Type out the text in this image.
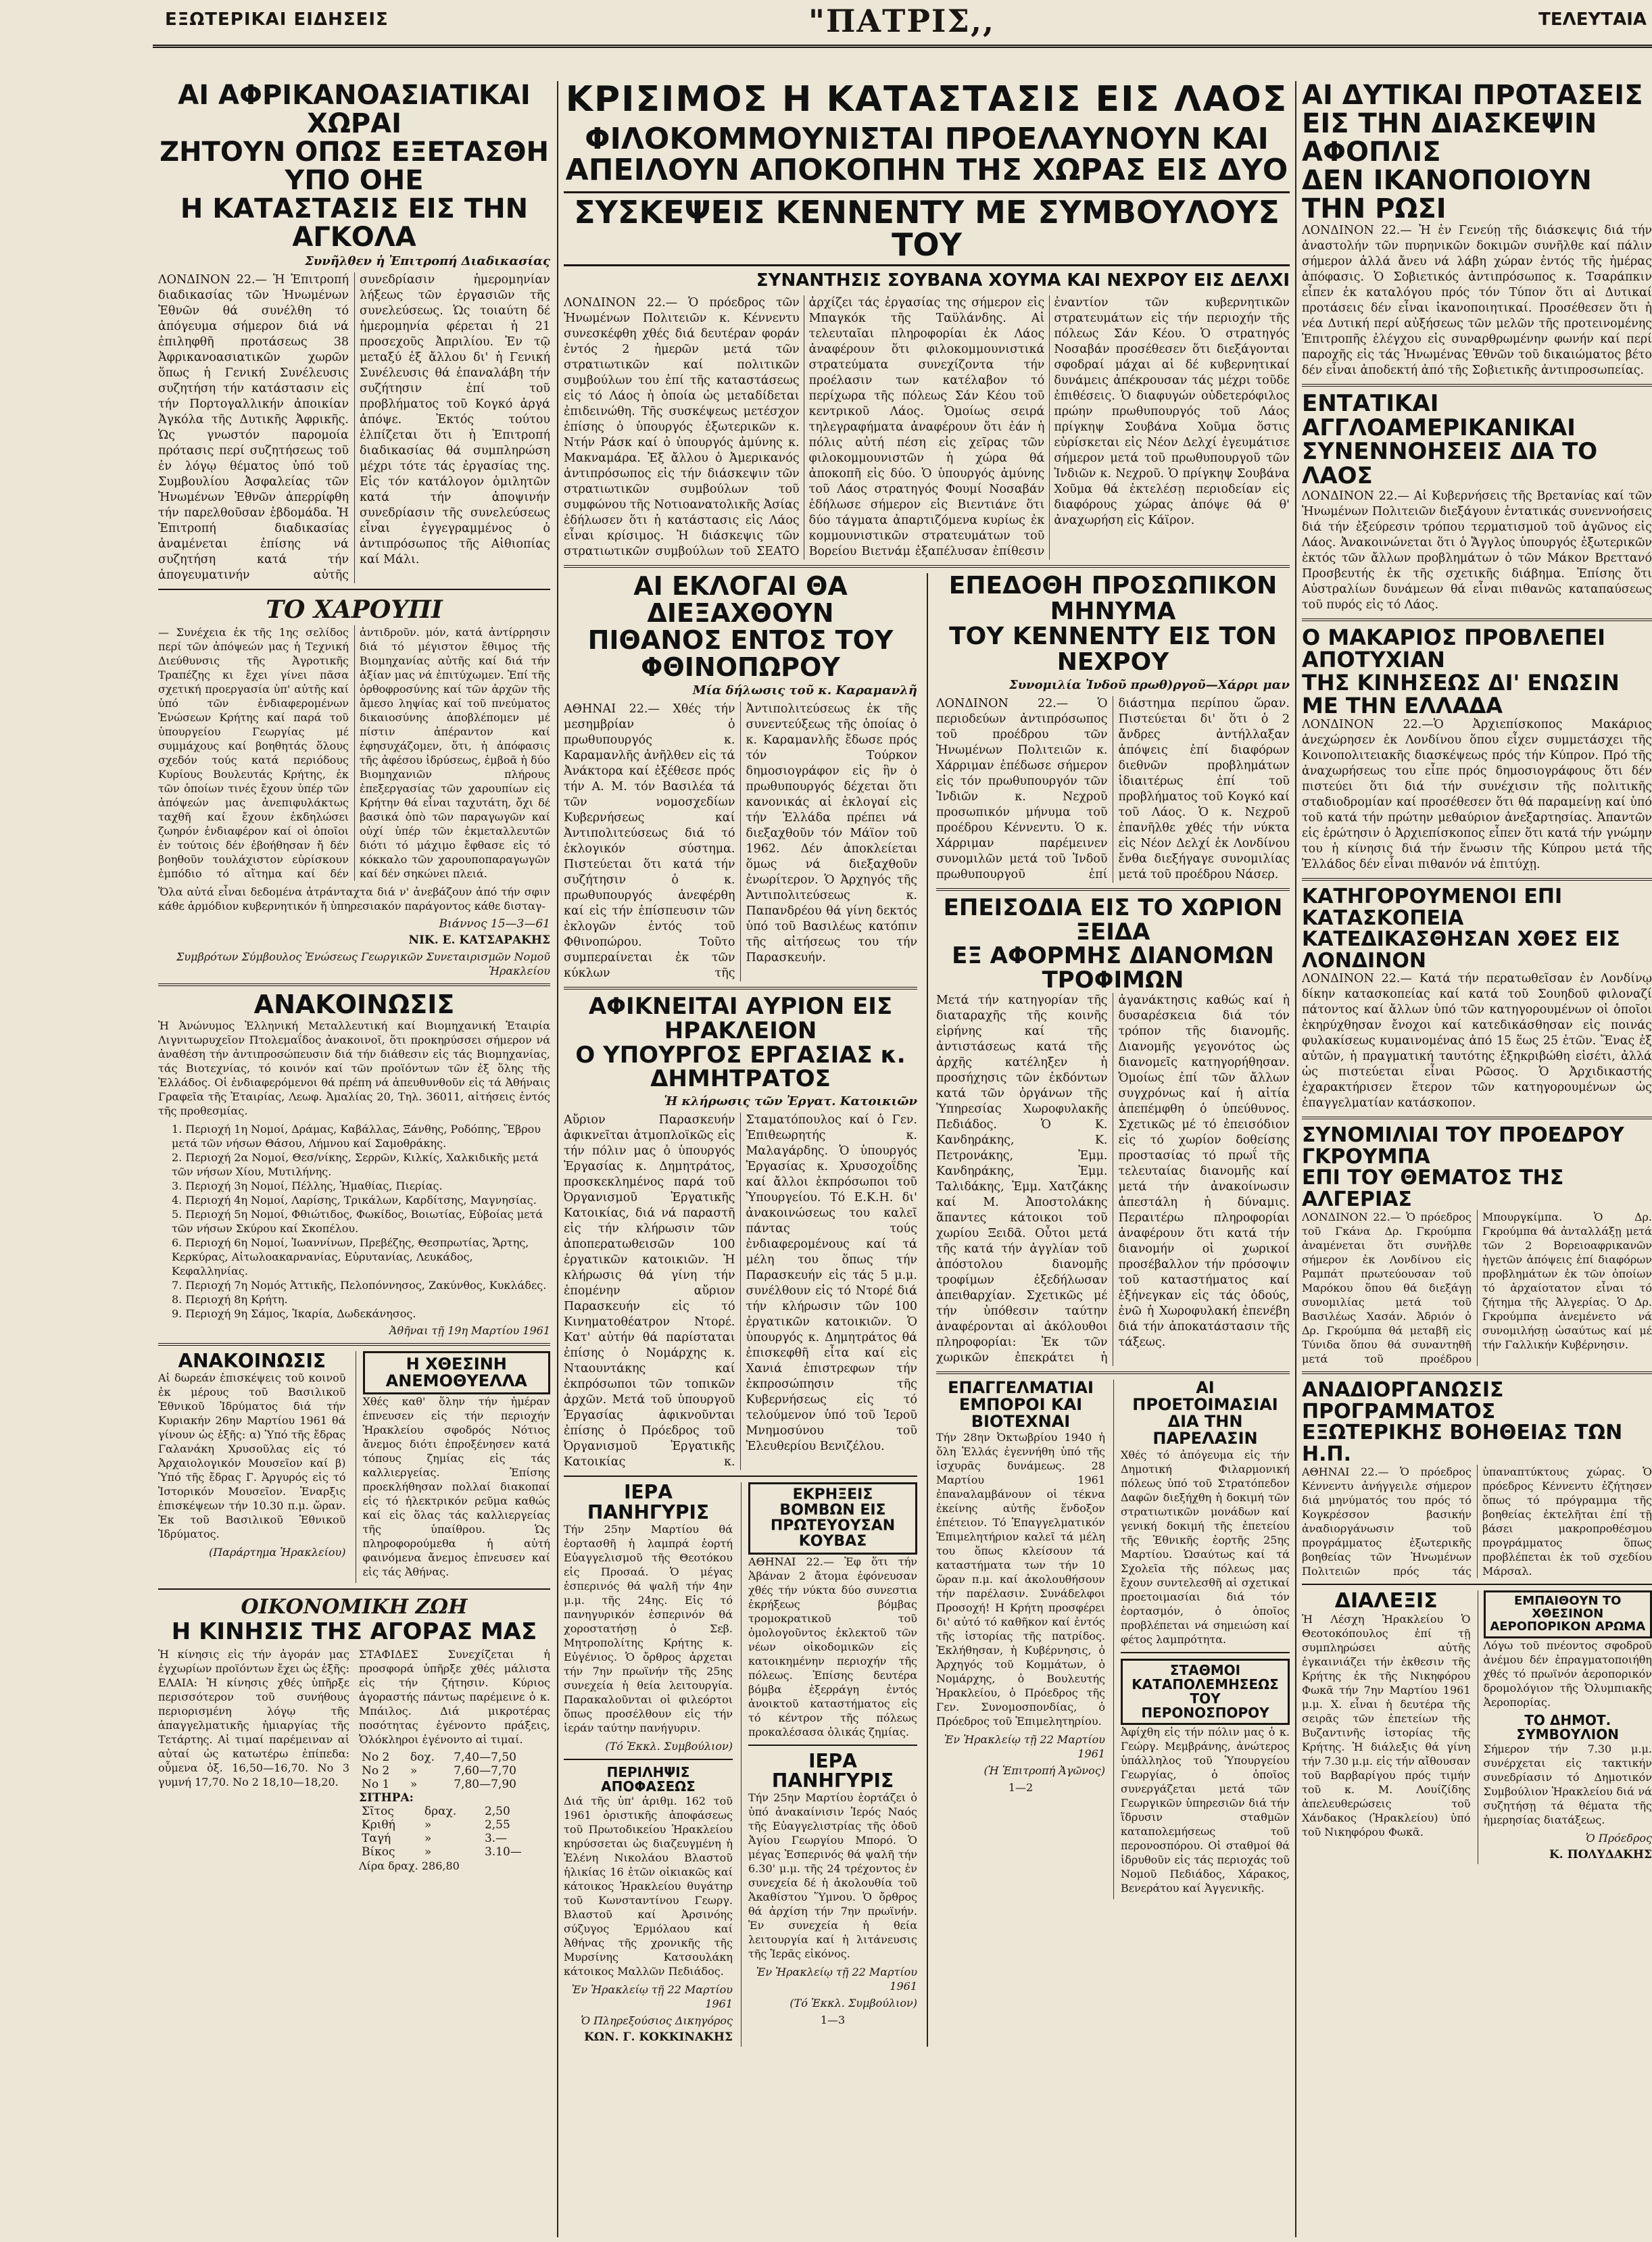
ΕΞΩΤΕΡΙΚΑΙ ΕΙΔΗΣΕΙΣ	"ΠΑΤΡΙΣ,,	ΤΕΛΕΥΤΑΙΑ
ΑΙ ΑΦΡΙΚΑΝΟΑΣΙΑΤΙΚΑΙ ΧΩΡΑΙ
ΖΗΤΟΥΝ ΟΠΩΣ ΕΞΕΤΑΣΘΗ ΥΠΟ ΟΗΕ
Η ΚΑΤΑΣΤΑΣΙΣ ΕΙΣ ΤΗΝ ΑΓΚΟΛΑ
Συνῆλθεν ἡ Ἐπιτροπή Διαδικασίας

ΛΟΝΔΙΝΟΝ 22.— Ἡ Ἐπιτροπή διαδικασίας τῶν Ἡνωμένων Ἐθνῶν θά συνέλθη τό ἀπόγευμα σήμερον διά νά ἐπιληφθῆ προτάσεως 38 Ἀφρικανοασιατικῶν χωρῶν ὅπως ἡ Γενική Συνέλευσις συζητήση τήν κατάστασιν εἰς τήν Πορτογαλλικήν ἀποικίαν Ἀγκόλα τῆς Δυτικῆς Ἀφρικῆς. Ὡς γνωστόν παρομοία πρότασις περί συζητήσεως τοῦ ἐν λόγῳ θέματος ὑπό τοῦ Συμβουλίου Ἀσφαλείας τῶν Ἡνωμένων Ἐθνῶν ἀπερρίφθη τήν παρελθοῦσαν ἑβδομάδα. Ἡ Ἐπιτροπή διαδικασίας ἀναμένεται ἐπίσης νά συζητήση κατά τήν ἀπογευματινήν αὐτῆς συνεδρίασιν ἡμερομηνίαν λήξεως τῶν ἐργασιῶν τῆς συνελεύσεως. Ὡς τοιαύτη δέ ἡμερομηνία φέρεται ἡ 21 προσεχοῦς Ἀπριλίου. Ἐν τῷ μεταξύ ἐξ ἄλλου δι' ἡ Γενική Συνέλευσις θά ἐπαναλάβη τήν συζήτησιν ἐπί τοῦ προβλήματος τοῦ Κογκό ἀργά ἀπόψε. Ἐκτός τούτου ἐλπίζεται ὅτι ἡ Ἐπιτροπή διαδικασίας θά συμπληρώση μέχρι τότε τάς ἐργασίας της. Εἰς τόν κατάλογον ὁμιλητῶν κατά τήν ἀποψινήν συνεδρίασιν τῆς συνελεύσεως εἶναι ἐγγεγραμμένος ὁ ἀντιπρόσωπος τῆς Αἰθιοπίας καί Μάλι.

ΤΟ ΧΑΡΟΥΠΙ

— Συνέχεια ἐκ τῆς 1ης σελίδος περί τῶν ἀπόψεών μας ἡ Τεχνική Διεύθυνσις τῆς Ἀγροτικῆς Τραπέζης κι ἔχει γίνει πᾶσα σχετική προεργασία ὑπ' αὐτῆς καί ὑπό τῶν ἐνδιαφερομένων Ἑνώσεων Κρήτης καί παρά τοῦ ὑπουργείου Γεωργίας μέ συμμάχους καί βοηθητάς ὅλους σχεδόν τούς κατά περιόδους Κυρίους Βουλευτάς Κρήτης, ἐκ τῶν ὁποίων τινές ἔχουν ὑπέρ τῶν ἀπόψεών μας ἀνεπιφυλάκτως ταχθῆ καί ἔχουν ἐκδηλώσει ζωηρόν ἐνδιαφέρον καί οἱ ὁποῖοι ἐν τούτοις δέν ἐβοήθησαν ἤ δέν βοηθοῦν τουλάχιστον εὑρίσκουν ἐμπόδιο τό αἴτημα καί δέν ἀντιδροῦν. μόν, κατά ἀντίρρησιν διά τό μέγιστον ἔθιμος τῆς Βιομηχανίας αὐτῆς καί διά τήν ἀξίαν μας νά ἐπιτύχωμεν. Ἐπί τῆς ὀρθοφροσύνης καί τῶν ἀρχῶν τῆς ἄμεσο ληψίας καί τοῦ πνεύματος δικαιοσύνης ἀποβλέπομεν μέ πίστιν ἀπέραντον καί ἐφησυχάζομεν, ὅτι, ἡ ἀπόφασις τῆς ἀφέσου ἱδρύσεως, ἐμβοᾶ ἡ δύο Βιομηχανιῶν πλήρους ἐπεξεργασίας τῶν χαρουπίων εἰς Κρήτην θά εἶναι ταχυτάτη, ὄχι δέ βασικά ὁπὸ τῶν παραγωγῶν καί οὐχί ὑπέρ τῶν ἐκμεταλλευτῶν διότι τό μάχιμο ἔφθασε εἰς τό κόκκαλο τῶν χαρουποπαραγωγῶν καί δέν σηκώνει πλειά.

Ὅλα αὐτά εἶναι δεδομένα ἀτράνταχτα διά ν' ἀνεβάζουν ἀπό τήν σφιν κάθε ἁρμόδιον κυβερνητικόν ἤ ὑπηρεσιακόν παράγοντος κάθε δισταγ-

Βιάννος 15—3—61
ΝΙΚ. Ε. ΚΑΤΣΑΡΑΚΗΣ
Συμβρότων Σύμβουλος Ἑνώσεως Γεωργικῶν Συνεταιρισμῶν Νομοῦ Ἡρακλείου
ΑΝΑΚΟΙΝΩΣΙΣ

Ἡ Ἀνώνυμος Ἑλληνική Μεταλλευτική καί Βιομηχανική Ἑταιρία Λιγνιτωρυχεῖον Πτολεμαΐδος ἀνακοινοῖ, ὅτι προκηρύσσει σήμερον νά ἀναθέση τήν ἀντιπροσώπευσιν διά τήν διάθεσιν εἰς τάς Βιομηχανίας, τάς Βιοτεχνίας, τό κοινόν καί τῶν προϊόντων τῶν ἐξ ὅλης τῆς Ἑλλάδος. Οἱ ἐνδιαφερόμενοι θά πρέπη νά ἀπευθυνθοῦν εἰς τά Ἀθήναις Γραφεῖα τῆς Ἑταιρίας, Λεωφ. Ἀμαλίας 20, Τηλ. 36011, αἰτήσεις ἐντός τῆς προθεσμίας.

1. Περιοχή 1η Νομοί, Δράμας, Καβάλλας, Ξάνθης, Ροδόπης, Ἕβρου μετά τῶν νήσων Θάσου, Λήμνου καί Σαμοθράκης.
2. Περιοχή 2α Νομοί, Θεσ/νίκης, Σερρῶν, Κιλκίς, Χαλκιδικῆς μετά τῶν νήσων Χίου, Μυτιλήνης.
3. Περιοχή 3η Νομοί, Πέλλης, Ἠμαθίας, Πιερίας.
4. Περιοχή 4η Νομοί, Λαρίσης, Τρικάλων, Καρδίτσης, Μαγνησίας.
5. Περιοχή 5η Νομοί, Φθιώτιδος, Φωκίδος, Βοιωτίας, Εὐβοίας μετά τῶν νήσων Σκύρου καί Σκοπέλου.
6. Περιοχή 6η Νομοί, Ἰωαννίνων, Πρεβέζης, Θεσπρωτίας, Ἄρτης, Κερκύρας, Αἰτωλοακαρνανίας, Εὐρυτανίας, Λευκάδος, Κεφαλληνίας.
7. Περιοχή 7η Νομός Ἀττικῆς, Πελοπόννησος, Ζακύνθος, Κυκλάδες.
8. Περιοχή 8η Κρήτη.
9. Περιοχή 9η Σάμος, Ἰκαρία, Δωδεκάνησος.
Ἀθῆναι τῇ 19η Μαρτίου 1961
ΑΝΑΚΟΙΝΩΣΙΣ

Αἱ δωρεάν ἐπισκέψεις τοῦ κοινοῦ ἐκ μέρους τοῦ Βασιλικοῦ Ἐθνικοῦ Ἱδρύματος διά τήν Κυριακήν 26ην Μαρτίου 1961 θά γίνουν ὡς ἑξῆς: α) Ὑπό τῆς ἔδρας Γαλανάκη Χρυσοῦλας εἰς τό Ἀρχαιολογικόν Μουσεῖον καί β) Ὑπό τῆς ἔδρας Γ. Ἀργυρός εἰς τό Ἱστορικόν Μουσεῖον. Ἐναρξις ἐπισκέψεων τήν 10.30 π.μ. ὥραν. Ἐκ τοῦ Βασιλικοῦ Ἐθνικοῦ Ἱδρύματος.

(Παράρτημα Ἡρακλείου)
Η ΧΘΕΣΙΝΗ ΑΝΕΜΟΘΥΕΛΛΑ

Χθές καθ' ὅλην τήν ἡμέραν ἐπνευσεν εἰς τήν περιοχήν Ἡρακλείου σφοδρός Νότιος ἄνεμος διότι ἐπροξένησεν κατά τόπους ζημίας εἰς τάς καλλιεργείας. Ἐπίσης προεκλήθησαν πολλαί διακοπαί εἰς τό ἠλεκτρικόν ρεῦμα καθώς καί εἰς ὅλας τάς καλλιεργείας τῆς ὑπαίθρου. Ὡς πληροφορούμεθα ἡ αὐτή φαινόμενα ἄνεμος ἐπνευσεν καί εἰς τάς Ἀθήνας.

ΟΙΚΟΝΟΜΙΚΗ ΖΩΗ
Η ΚΙΝΗΣΙΣ ΤΗΣ ΑΓΟΡΑΣ ΜΑΣ

Ἡ κίνησις εἰς τήν ἀγοράν μας ἐγχωρίων προϊόντων ἔχει ὡς ἑξῆς: ΕΛΑΙΑ: Ἡ κίνησις χθές ὑπῆρξε περισσότερον τοῦ συνήθους περιορισμένη λόγῳ τῆς ἀπαγγελματικῆς ἡμιαργίας τῆς Τετάρτης. Αἱ τιμαί παρέμειναν αἱ αὐταί ὡς κατωτέρω ἐπίπεδα: οὖμενα ὀξ. 16,50—16,70. Νο 3 γυμνή 17,70. Νο 2 18,10—18,20.

ΣΤΑΦΙΔΕΣ Συνεχίζεται ἡ προσφορά ὑπῆρξε χθές μάλιστα εἰς τήν ζήτησιν. Κύριος ἀγοραστής πάντως παρέμεινε ὁ κ. Μπάιλος. Διά μικροτέρας ποσότητας ἐγένοντο πράξεις, Ὁλόκληροι ἐγένοντο αἱ τιμαί.

Νο 2	δοχ.	7,40—7,50
Νο 2	»	7,60—7,70
Νο 1	»	7,80—7,90
ΣΙΤΗΡΑ:
Σῖτος	δραχ.	2,50
Κριθή	»	2,55
Ταγή	»	3.—
Βίκος	»	3.10—
Λίρα δραχ. 286,80
ΚΡΙΣΙΜΟΣ Η ΚΑΤΑΣΤΑΣΙΣ ΕΙΣ ΛΑΟΣ
ΦΙΛΟΚΟΜΜΟΥΝΙΣΤΑΙ ΠΡΟΕΛΑΥΝΟΥΝ ΚΑΙ
ΑΠΕΙΛΟΥΝ ΑΠΟΚΟΠΗΝ ΤΗΣ ΧΩΡΑΣ ΕΙΣ ΔΥΟ
ΣΥΣΚΕΨΕΙΣ ΚΕΝΝΕΝΤΥ ΜΕ ΣΥΜΒΟΥΛΟΥΣ ΤΟΥ
ΣΥΝΑΝΤΗΣΙΣ ΣΟΥΒΑΝΑ ΧΟΥΜΑ ΚΑΙ ΝΕΧΡΟΥ ΕΙΣ ΔΕΛΧΙ

ΛΟΝΔΙΝΟΝ 22.— Ὁ πρόεδρος τῶν Ἡνωμένων Πολιτειῶν κ. Κέννεντυ συνεσκέφθη χθές διά δευτέραν φοράν ἐντός 2 ἡμερῶν μετά τῶν στρατιωτικῶν καί πολιτικῶν συμβούλων του ἐπί τῆς καταστάσεως εἰς τό Λάος ἡ ὁποία ὡς μεταδίδεται ἐπιδεινώθη. Τῆς συσκέψεως μετέσχον ἐπίσης ὁ ὑπουργός ἐξωτερικῶν κ. Ντήν Ράσκ καί ὁ ὑπουργός ἀμύνης κ. Μακναμάρα. Ἐξ ἄλλου ὁ Ἀμερικανός ἀντιπρόσωπος εἰς τήν διάσκεψιν τῶν στρατιωτικῶν συμβούλων τοῦ συμφώνου τῆς Νοτιοανατολικῆς Ἀσίας ἐδήλωσεν ὅτι ἡ κατάστασις εἰς Λάος εἶναι κρίσιμος. Ἡ διάσκεψις τῶν στρατιωτικῶν συμβούλων τοῦ ΣΕΑΤΟ ἀρχίζει τάς ἐργασίας της σήμερον εἰς Μπαγκόκ τῆς Ταϋλάνδης. Αἱ τελευταῖαι πληροφορίαι ἐκ Λάος ἀναφέρουν ὅτι φιλοκομμουνιστικά στρατεύματα συνεχίζοντα τήν προέλασιν των κατέλαβον τό περίχωρα τῆς πόλεως Σάν Κέου τοῦ κεντρικοῦ Λάος. Ὁμοίως σειρά τηλεγραφήματα ἀναφέρουν ὅτι ἐάν ἡ πόλις αὐτή πέση εἰς χεῖρας τῶν φιλοκομμουνιστῶν ἡ χώρα θά ἀποκοπῆ εἰς δύο. Ὁ ὑπουργός ἀμύνης τοῦ Λάος στρατηγός Φουμί Νοσαβάν ἐδήλωσε σήμερον εἰς Βιεντιάνε ὅτι δύο τάγματα ἀπαρτιζόμενα κυρίως ἐκ κομμουνιστικῶν στρατευμάτων τοῦ Βορείου Βιετνάμ ἐξαπέλυσαν ἐπίθεσιν ἐναντίον τῶν κυβερνητικῶν στρατευμάτων εἰς τήν περιοχήν τῆς πόλεως Σάν Κέου. Ὁ στρατηγός Νοσαβάν προσέθεσεν ὅτι διεξάγονται σφοδραί μάχαι αἱ δέ κυβερνητικαί δυνάμεις ἀπέκρουσαν τάς μέχρι τοῦδε ἐπιθέσεις. Ὁ διαφυγών οὐδετερόφιλος πρώην πρωθυπουργός τοῦ Λάος πρίγκηψ Σουβάνα Χοῦμα ὅστις εὑρίσκεται εἰς Νέον Δελχί ἐγευμάτισε σήμερον μετά τοῦ πρωθυπουργοῦ τῶν Ἰνδιῶν κ. Νεχροῦ. Ὁ πρίγκηψ Σουβάνα Χοῦμα θά ἐκτελέσῃ περιοδείαν εἰς διαφόρους χώρας ἀπόψε θά θ' ἀναχωρήση εἰς Κάϊρον.

ΑΙ ΕΚΛΟΓΑΙ ΘΑ ΔΙΕΞΑΧΘΟΥΝ
ΠΙΘΑΝΟΣ ΕΝΤΟΣ ΤΟΥ ΦΘΙΝΟΠΩΡΟΥ
Μία δήλωσις τοῦ κ. Καραμανλῆ

ΑΘΗΝΑΙ 22.— Χθές τήν μεσημβρίαν ὁ πρωθυπουργός κ. Καραμανλῆς ἀνῆλθεν εἰς τά Ἀνάκτορα καί ἐξέθεσε πρός τήν Α. Μ. τόν Βασιλέα τά τῶν νομοσχεδίων Κυβερνήσεως καί Ἀντιπολιτεύσεως διά τό ἐκλογικόν σύστημα. Πιστεύεται ὅτι κατά τήν συζήτησιν ὁ κ. πρωθυπουργός ἀνεφέρθη καί εἰς τήν ἐπίσπευσιν τῶν ἐκλογῶν ἐντός τοῦ Φθινοπώρου. Τοῦτο συμπεραίνεται ἐκ τῶν κύκλων τῆς Ἀντιπολιτεύσεως ἐκ τῆς συνεντεύξεως τῆς ὁποίας ὁ κ. Καραμανλῆς ἔδωσε πρός τόν Τούρκον δημοσιογράφον εἰς ἣν ὁ πρωθυπουργός δέχεται ὅτι κανονικάς αἱ ἐκλογαί εἰς τήν Ἑλλάδα πρέπει νά διεξαχθοῦν τόν Μάϊον τοῦ 1962. Δέν ἀποκλείεται ὅμως νά διεξαχθοῦν ἐνωρίτερον. Ὁ Ἀρχηγός τῆς Ἀντιπολιτεύσεως κ. Παπανδρέου θά γίνη δεκτός ὑπό τοῦ Βασιλέως κατόπιν τῆς αἰτήσεως του τήν Παρασκευήν.

ΑΦΙΚΝΕΙΤΑΙ ΑΥΡΙΟΝ ΕΙΣ ΗΡΑΚΛΕΙΟΝ
Ο ΥΠΟΥΡΓΟΣ ΕΡΓΑΣΙΑΣ κ. ΔΗΜΗΤΡΑΤΟΣ
Ἡ κλήρωσις τῶν Ἐργατ. Κατοικιῶν

Αὔριον Παρασκευήν ἀφικνεῖται ἀτμοπλοϊκῶς εἰς τήν πόλιν μας ὁ ὑπουργός Ἐργασίας κ. Δημητράτος, προσκεκλημένος παρά τοῦ Ὀργανισμοῦ Ἐργατικῆς Κατοικίας, διά νά παραστῆ εἰς τήν κλήρωσιν τῶν ἀποπερατωθεισῶν 100 ἐργατικῶν κατοικιῶν. Ἡ κλήρωσις θά γίνη τήν ἑπομένην αὔριον Παρασκευήν εἰς τό Κινηματοθέατρον Ντορέ. Κατ' αὐτήν θά παρίσταται ἐπίσης ὁ Νομάρχης κ. Νταουντάκης καί ἐκπρόσωποι τῶν τοπικῶν ἀρχῶν. Μετά τοῦ ὑπουργοῦ Ἐργασίας ἀφικνοῦνται ἐπίσης ὁ Πρόεδρος τοῦ Ὀργανισμοῦ Ἐργατικῆς Κατοικίας κ. Σταματόπουλος καί ὁ Γεν. Ἐπιθεωρητής κ. Μαλαγάρδης. Ὁ ὑπουργός Ἐργασίας κ. Χρυσοχοΐδης καί ἄλλοι ἐκπρόσωποι τοῦ Ὑπουργείου. Τό Ε.Κ.Η. δι' ἀνακοινώσεως του καλεῖ πάντας τούς ἐνδιαφερομένους καί τά μέλη του ὅπως τήν Παρασκευήν εἰς τάς 5 μ.μ. συνέλθουν εἰς τό Ντορέ διά τήν κλήρωσιν τῶν 100 ἐργατικῶν κατοικιῶν. Ὁ ὑπουργός κ. Δημητράτος θά ἐπισκεφθῆ εἶτα καί εἰς Χανιά ἐπιστρεφων τήν ἐκπροσώπησιν τῆς Κυβερνήσεως εἰς τό τελούμενον ὑπό τοῦ Ἱεροῦ Μνημοσύνου τοῦ Ἐλευθερίου Βενιζέλου.

ΙΕΡΑ ΠΑΝΗΓΥΡΙΣ

Τήν 25ην Μαρτίου θά ἑορτασθῆ ἡ λαμπρά ἑορτή Εὐαγγελισμοῦ τῆς Θεοτόκου εἰς Προσαά. Ὁ μέγας ἑσπερινός θά ψαλῆ τήν 4ην μ.μ. τῆς 24ης. Εἰς τό πανηγυρικόν ἑσπερινόν θά χοροστατήσῃ ὁ Σεβ. Μητροπολίτης Κρήτης κ. Εὐγένιος. Ὁ ὄρθρος ἀρχεται τήν 7ην πρωϊνήν τῆς 25ης συνεχεία ἡ θεία λειτουργία. Παρακαλοῦνται οἱ φιλεόρτοι ὅπως προσέλθουν εἰς τήν ἱεράν ταύτην πανήγυριν.

(Τό Ἐκκλ. Συμβούλιον)
ΠΕΡΙΛΗΨΙΣ ΑΠΟΦΑΣΕΩΣ

Διά τῆς ὑπ' ἀριθμ. 162 τοῦ 1961 ὁριστικῆς ἀποφάσεως τοῦ Πρωτοδικείου Ἡρακλείου κηρύσσεται ὡς διαζευγμένη ἡ Ἑλένη Νικολάου Βλαστοῦ ἡλικίας 16 ἐτῶν οἰκιακῶς καί κάτοικος Ἡρακλείου θυγάτηρ τοῦ Κωνσταντίνου Γεωργ. Βλαστοῦ καί Ἀρσινόης σύζυγος Ἐρμόλαου καί Ἀθήνας τῆς χρονικῆς τῆς Μυρσίνης Κατσουλάκη κάτοικος Μαλλῶν Πεδιάδος.

Ἐν Ἡρακλείῳ τῇ 22 Μαρτίου 1961
Ὁ Πληρεξούσιος Δικηγόρος
ΚΩΝ. Γ. ΚΟΚΚΙΝΑΚΗΣ
ΕΚΡΗΞΕΙΣ ΒΟΜΒΩΝ ΕΙΣ ΠΡΩΤΕΥΟΥΣΑΝ ΚΟΥΒΑΣ

ΑΘΗΝΑΙ 22.— Ἐφ ὅτι τήν Ἀβάναν 2 ἄτομα ἐφόνευσαν χθές τήν νύκτα δύο συνεστια ἐκρήξεως βόμβας τρομοκρατικοῦ τοῦ ὁμολογοῦντος ἐκλεκτοῦ τῶν νέων οἰκοδομικῶν εἰς κατοικημένην περιοχήν τῆς πόλεως. Ἐπίσης δευτέρα βόμβα ἐξερράγη ἐντός ἀνοικτοῦ καταστήματος εἰς τό κέντρον τῆς πόλεως προκαλέσασα ὁλικάς ζημίας.

ΙΕΡΑ ΠΑΝΗΓΥΡΙΣ

Τήν 25ην Μαρτίου ἑορτάζει ὁ ὑπό ἀνακαίνισιν Ἱερός Ναός τῆς Εὐαγγελιστρίας τῆς ὁδοῦ Ἀγίου Γεωργίου Μπορό. Ὁ μέγας Ἑσπερινός θά ψαλῆ τήν 6.30' μ.μ. τῆς 24 τρέχοντος ἐν συνεχεία δέ ἡ ἀκολουθία τοῦ Ἀκαθίστου Ὕμνου. Ὁ ὄρθρος θά ἀρχίση τήν 7ην πρωϊνήν. Ἐν συνεχεία ἡ θεία λειτουργία καί ἡ λιτάνευσις τῆς Ἱερᾶς εἰκόνος.

Ἐν Ἡρακλείῳ τῇ 22 Μαρτίου 1961
(Τό Ἐκκλ. Συμβούλιον)
1—3
ΕΠΕΔΟΘΗ ΠΡΟΣΩΠΙΚΟΝ ΜΗΝΥΜΑ
ΤΟΥ ΚΕΝΝΕΝΤΥ ΕΙΣ ΤΟΝ ΝΕΧΡΟΥ
Συνομιλία Ἰνδοῦ πρωθ)ργοῦ—Χάρρι μαν

ΛΟΝΔΙΝΟΝ 22.— Ὁ περιοδεύων ἀντιπρόσωπος τοῦ προέδρου τῶν Ἡνωμένων Πολιτειῶν κ. Χάρριμαν ἐπέδωσε σήμερον εἰς τόν πρωθυπουργόν τῶν Ἰνδιῶν κ. Νεχροῦ προσωπικόν μήνυμα τοῦ προέδρου Κέννεντυ. Ὁ κ. Χάρριμαν παρέμεινεν συνομιλῶν μετά τοῦ Ἰνδοῦ πρωθυπουργοῦ ἐπί διάστημα περίπου ὥραν. Πιστεύεται δι' ὅτι ὁ 2 ἄνδρες ἀντήλλαξαν ἀπόψεις ἐπί διαφόρων διεθνῶν προβλημάτων ἰδιαιτέρως ἐπί τοῦ προβλήματος τοῦ Κογκό καί τοῦ Λάος. Ὁ κ. Νεχροῦ ἐπανῆλθε χθές τήν νύκτα εἰς Νέον Δελχί ἐκ Λονδίνου ἔνθα διεξήγαγε συνομιλίας μετά τοῦ προέδρου Νάσερ.

ΕΠΕΙΣΟΔΙΑ ΕΙΣ ΤΟ ΧΩΡΙΟΝ ΞΕΙΔΑ
ΕΞ ΑΦΟΡΜΗΣ ΔΙΑΝΟΜΩΝ ΤΡΟΦΙΜΩΝ

Μετά τήν κατηγορίαν τῆς διαταραχῆς τῆς κοινῆς εἰρήνης καί τῆς ἀντιστάσεως κατά τῆς ἀρχῆς κατέληξεν ἡ προσήχησις τῶν ἐκδόντων κατά τῶν ὀργάνων τῆς Ὑπηρεσίας Χωροφυλακῆς Πεδιάδος. Ὁ Κ. Κανδηράκης, Κ. Πετρονάκης, Ἐμμ. Κανδηράκης, Ἐμμ. Ταλιδάκης, Ἐμμ. Χατζάκης καί Μ. Ἀποστολάκης ἅπαντες κάτοικοι τοῦ χωρίου Ξειδᾶ. Οὗτοι μετά τῆς κατά τήν ἀγγλίαν τοῦ ἀπόστολου διανομῆς τροφίμων ἐξεδήλωσαν ἀπειθαρχίαν. Σχετικῶς μέ τήν ὑπόθεσιν ταύτην ἀναφέρονται αἱ ἀκόλουθοι πληροφορίαι: Ἐκ τῶν χωρικῶν ἐπεκράτει ἡ ἀγανάκτησις καθώς καί ἡ δυσαρέσκεια διά τόν τρόπον τῆς διανομῆς. Διανομῆς γεγονότος ὡς διανομεῖς κατηγορήθησαν. Ὁμοίως ἐπί τῶν ἄλλων συγχρόνως καί ἡ αἰτία ἀπεπέμφθη ὁ ὑπεύθυνος. Σχετικῶς μέ τό ἐπεισόδιον εἰς τό χωρίον δοθείσης προστασίας τό πρωΐ τῆς τελευταίας διανομῆς καί μετά τήν ἀνακοίνωσιν ἀπεστάλη ἡ δύναμις. Περαιτέρω πληροφορίαι ἀναφέρουν ὅτι κατά τήν διανομήν οἱ χωρικοί προσέβαλλον τήν πρόσοψιν τοῦ καταστήματος καί ἐξήνεγκαν εἰς τάς ὁδούς, ἐνῶ ἡ Χωροφυλακή ἐπενέβη διά τήν ἀποκατάστασιν τῆς τάξεως.

ΕΠΑΓΓΕΛΜΑΤΙΑΙ ΕΜΠΟΡΟΙ ΚΑΙ ΒΙΟΤΕΧΝΑΙ

Τήν 28ην Ὀκτωβρίου 1940 ἡ ὅλη Ἑλλάς ἐγεννήθη ὑπό τῆς ἰσχυρᾶς δυνάμεως. 28 Μαρτίου 1961 ἐπαναλαμβάνουν οἱ τέκνα ἐκείνης αὐτῆς ἕνδοξον ἐπέτειον. Τό Ἐπαγγελματικόν Ἐπιμελητήριον καλεῖ τά μέλη του ὅπως κλείσουν τά καταστήματα των τήν 10 ὥραν π.μ. καί ἀκολουθήσουν τήν παρέλασιν. Συνάδελφοι Προσοχή! Η Κρήτη προσφέρει δι' αὐτό τό καθῆκον καί ἐντός τῆς ἱστορίας τῆς πατρίδος. Ἐκλήθησαν, ἡ Κυβέρνησις, ὁ Ἀρχηγός τοῦ Κομμάτων, ὁ Νομάρχης, ὁ Βουλευτής Ἡρακλείου, ὁ Πρόεδρος τῆς Γεν. Συνομοσπονδίας, ὁ Πρόεδρος τοῦ Ἐπιμελητηρίου.

Ἐν Ἡρακλείῳ τῇ 22 Μαρτίου 1961
(Ἡ Ἐπιτροπή Ἀγῶνος)
1—2
ΑΙ ΠΡΟΕΤΟΙΜΑΣΙΑΙ ΔΙΑ ΤΗΝ ΠΑΡΕΛΑΣΙΝ

Χθές τό ἀπόγευμα εἰς τήν Δημοτική Φιλαρμονική πόλεως ὑπό τοῦ Στρατόπεδον Δαφῶν διεξήχθη ἡ δοκιμή τῶν στρατιωτικῶν μονάδων καί γενική δοκιμή τῆς ἐπετείου τῆς Ἐθνικῆς ἑορτῆς 25ης Μαρτίου. Ὡσαύτως καί τά Σχολεῖα τῆς πόλεως μας ἔχουν συντελεσθῆ αἱ σχετικαί προετοιμασίαι διά τόν ἑορτασμόν, ὁ ὁποῖος προβλέπεται νά σημειώση καί φέτος λαμπρότητα.

ΣΤΑΘΜΟΙ ΚΑΤΑΠΟΛΕΜΗΣΕΩΣ ΤΟΥ ΠΕΡΟΝΟΣΠΟΡΟΥ

Ἀφίχθη εἰς τήν πόλιν μας ὁ κ. Γεώργ. Μεμβράνης, ἀνώτερος ὑπάλληλος τοῦ Ὑπουργείου Γεωργίας, ὁ ὁποῖος συνεργάζεται μετά τῶν Γεωργικῶν ὑπηρεσιῶν διά τήν ἵδρυσιν σταθμῶν καταπολεμήσεως τοῦ περονοσπόρου. Οἱ σταθμοί θά ἱδρυθοῦν εἰς τάς περιοχάς τοῦ Νομοῦ Πεδιάδος, Χάρακος, Βενεράτου καί Ἀγγενικῆς.

ΑΙ ΔΥΤΙΚΑΙ ΠΡΟΤΑΣΕΙΣ
ΕΙΣ ΤΗΝ ΔΙΑΣΚΕΨΙΝ ΑΦΟΠΛΙΣ
ΔΕΝ ΙΚΑΝΟΠΟΙΟΥΝ ΤΗΝ ΡΩΣΙ

ΛΟΝΔΙΝΟΝ 22.— Ἡ ἐν Γενεύῃ τῆς διάσκεψις διά τήν ἀναστολήν τῶν πυρηνικῶν δοκιμῶν συνῆλθε καί πάλιν σήμερον ἀλλά ἄνευ νά λάβη χώραν ἐντός τῆς ἡμέρας ἀπόφασις. Ὁ Σοβιετικός ἀντιπρόσωπος κ. Τσαράπκιν εἶπεν ἐκ καταλόγου πρός τόν Τύπον ὅτι αἱ Δυτικαί προτάσεις δέν εἶναι ἱκανοποιητικαί. Προσέθεσεν ὅτι ἡ νέα Δυτική περί αὐξήσεως τῶν μελῶν τῆς προτεινομένης Ἐπιτροπῆς ἐλέγχου εἰς συναρθρωμένην φωνήν καί περί παροχῆς εἰς τάς Ἡνωμένας Ἐθνῶν τοῦ δικαιώματος βέτο δέν εἶναι ἀποδεκτή ἀπό τῆς Σοβιετικῆς ἀντιπροσωπείας.

ΕΝΤΑΤΙΚΑΙ ΑΓΓΛΟΑΜΕΡΙΚΑΝΙΚΑΙ
ΣΥΝΕΝΝΟΗΣΕΙΣ ΔΙΑ ΤΟ ΛΑΟΣ

ΛΟΝΔΙΝΟΝ 22.— Αἱ Κυβερνήσεις τῆς Βρετανίας καί τῶν Ἡνωμένων Πολιτειῶν διεξάγουν ἐντατικάς συνεννοήσεις διά τήν ἐξεύρεσιν τρόπου τερματισμοῦ τοῦ ἀγῶνος εἰς Λάος. Ἀνακοινώνεται ὅτι ὁ Ἄγγλος ὑπουργός ἐξωτερικῶν ἐκτός τῶν ἄλλων προβλημάτων ὁ τῶν Μάκον Βρεττανό Προσβευτής ἐκ τῆς σχετικῆς διάβημα. Ἐπίσης ὅτι Αὐστραλίων δυνάμεων θά εἶναι πιθανῶς καταπαύσεως τοῦ πυρός εἰς τό Λάος.

Ο ΜΑΚΑΡΙΟΣ ΠΡΟΒΛΕΠΕΙ ΑΠΟΤΥΧΙΑΝ
ΤΗΣ ΚΙΝΗΣΕΩΣ ΔΙ' ΕΝΩΣΙΝ ΜΕ ΤΗΝ ΕΛΛΑΔΑ

ΛΟΝΔΙΝΟΝ 22.—Ὁ Ἀρχιεπίσκοπος Μακάριος ἀνεχώρησεν ἐκ Λονδίνου ὅπου εἶχεν συμμετάσχει τῆς Κοινοπολιτειακῆς διασκέψεως πρός τήν Κύπρον. Πρό τῆς ἀναχωρήσεως του εἶπε πρός δημοσιογράφους ὅτι δέν πιστεύει ὅτι διά τήν συνέχισιν τῆς πολιτικῆς σταδιοδρομίαν καί προσέθεσεν ὅτι θά παραμείνῃ καί ὑπό τοῦ κατά τήν πρώτην μεθαύριον ἀνεξαρτησίας. Ἀπαντῶν εἰς ἐρώτησιν ὁ Ἀρχιεπίσκοπος εἶπεν ὅτι κατά τήν γνώμην του ἡ κίνησις διά τήν ἕνωσιν τῆς Κύπρου μετά τῆς Ἑλλάδος δέν εἶναι πιθανόν νά ἐπιτύχῃ.

ΚΑΤΗΓΟΡΟΥΜΕΝΟΙ ΕΠΙ ΚΑΤΑΣΚΟΠΕΙΑ
ΚΑΤΕΔΙΚΑΣΘΗΣΑΝ ΧΘΕΣ ΕΙΣ ΛΟΝΔΙΝΟΝ

ΛΟΝΔΙΝΟΝ 22.— Κατά τήν περατωθεῖσαν ἐν Λονδίνῳ δίκην κατασκοπείας καί κατά τοῦ Σουηδοῦ φιλοναζί πάτοντος καί ἄλλων ὑπό τῶν κατηγορουμένων οἱ ὁποῖοι ἐκηρύχθησαν ἔνοχοι καί κατεδικάσθησαν εἰς ποινάς φυλακίσεως κυμαινομένας ἀπό 15 ἕως 25 ἐτῶν. Ἕνας ἐξ αὐτῶν, ἡ πραγματική ταυτότης ἐξηκριβώθη εἰσέτι, ἀλλά ὡς πιστεύεται εἶναι Ρῶσος. Ὁ Ἀρχιδικαστής ἐχαρακτήρισεν ἕτερον τῶν κατηγορουμένων ὡς ἐπαγγελματίαν κατάσκοπον.

ΣΥΝΟΜΙΛΙΑΙ ΤΟΥ ΠΡΟΕΔΡΟΥ ΓΚΡΟΥΜΠΑ
ΕΠΙ ΤΟΥ ΘΕΜΑΤΟΣ ΤΗΣ ΑΛΓΕΡΙΑΣ

ΛΟΝΔΙΝΟΝ 22.— Ὁ πρόεδρος τοῦ Γκάνα Δρ. Γκρούμπα ἀναμένεται ὅτι συνῆλθε σήμερον ἐκ Λονδίνου εἰς Ραμπάτ πρωτεύουσαν τοῦ Μαρόκου ὅπου θά διεξάγῃ συνομιλίας μετά τοῦ Βασιλέως Χασάν. Ἀδριόν ὁ Δρ. Γκρούμπα θά μεταβῆ εἰς Τύνιδα ὅπου θά συναντηθῆ μετά τοῦ προέδρου Μπουργκίμπα. Ὁ Δρ. Γκρούμπα θά ἀνταλλάξῃ μετά τῶν 2 Βορειοαφρικανῶν ἡγετῶν ἀπόψεις ἐπί διαφόρων προβλημάτων ἐκ τῶν ὁποίων τό ἀρχαίοτατον εἶναι τό ζήτημα τῆς Ἀλγερίας. Ὁ Δρ. Γκρούμπα ἀνεμένετο νά συνομιλήσῃ ὡσαύτως καί μέ τήν Γαλλικήν Κυβέρνησιν.

ΑΝΑΔΙΟΡΓΑΝΩΣΙΣ ΠΡΟΓΡΑΜΜΑΤΟΣ
ΕΞΩΤΕΡΙΚΗΣ ΒΟΗΘΕΙΑΣ ΤΩΝ Η.Π.

ΑΘΗΝΑΙ 22.— Ὁ πρόεδρος Κέννεντυ ἀνήγγειλε σήμερον διά μηνύματός του πρός τό Κογκρέσσον βασικήν ἀναδιοργάνωσιν τοῦ προγράμματος ἐξωτερικῆς βοηθείας τῶν Ἡνωμένων Πολιτειῶν πρός τάς ὑπαναπτύκτους χώρας. Ὁ πρόεδρος Κέννεντυ ἐζήτησεν ὅπως τό πρόγραμμα τῆς βοηθείας ἐκτελῆται ἐπί τῇ βάσει μακροπροθέσμου προγράμματος ὅπως προβλέπεται ἐκ τοῦ σχεδίου Μάρσαλ.

ΔΙΑΛΕΞΙΣ

Ἡ Λέσχη Ἡρακλείου Ὁ Θεοτοκόπουλος ἐπί τῇ συμπληρώσει αὐτῆς ἐγκαινιάζει τήν ἐκθεσιν τῆς Κρήτης ἐκ τῆς Νικηφόρου Φωκᾶ τήν 7ην Μαρτίου 1961 μ.μ. Χ. εἶναι ἡ δευτέρα τῆς σειρᾶς τῶν ἐπετείων τῆς Βυζαντινῆς ἱστορίας τῆς Κρήτης. Ἡ διάλεξις θά γίνη τήν 7.30 μ.μ. εἰς τήν αἴθουσαν τοῦ Βαρβαρίγου πρός τιμήν τοῦ κ. Μ. Λουίζίδης ἀπελευθερώσεις τοῦ Χάνδακος (Ἡρακλείου) ὑπό τοῦ Νικηφόρου Φωκᾶ.

ΕΜΠΑΙΘΟΥΝ ΤΟ ΧΘΕΣΙΝΟΝ ΑΕΡΟΠΟΡΙΚΟΝ ΑΡΩΜΑ

Λόγω τοῦ πνέοντος σφοδροῦ ἀνέμου δέν ἐπραγματοποιήθη χθές τό πρωϊνόν ἀεροπορικόν δρομολόγιον τῆς Ὀλυμπιακῆς Ἀεροπορίας.

ΤΟ ΔΗΜΟΤ. ΣΥΜΒΟΥΛΙΟΝ

Σήμερον τήν 7.30 μ.μ. συνέρχεται εἰς τακτικήν συνεδρίασιν τό Δημοτικόν Συμβούλιον Ἡρακλείου διά νά συζητήσῃ τά θέματα τῆς ἡμερησίας διατάξεως.

Ὁ Πρόεδρος
Κ. ΠΟΛΥΔΑΚΗΣ
